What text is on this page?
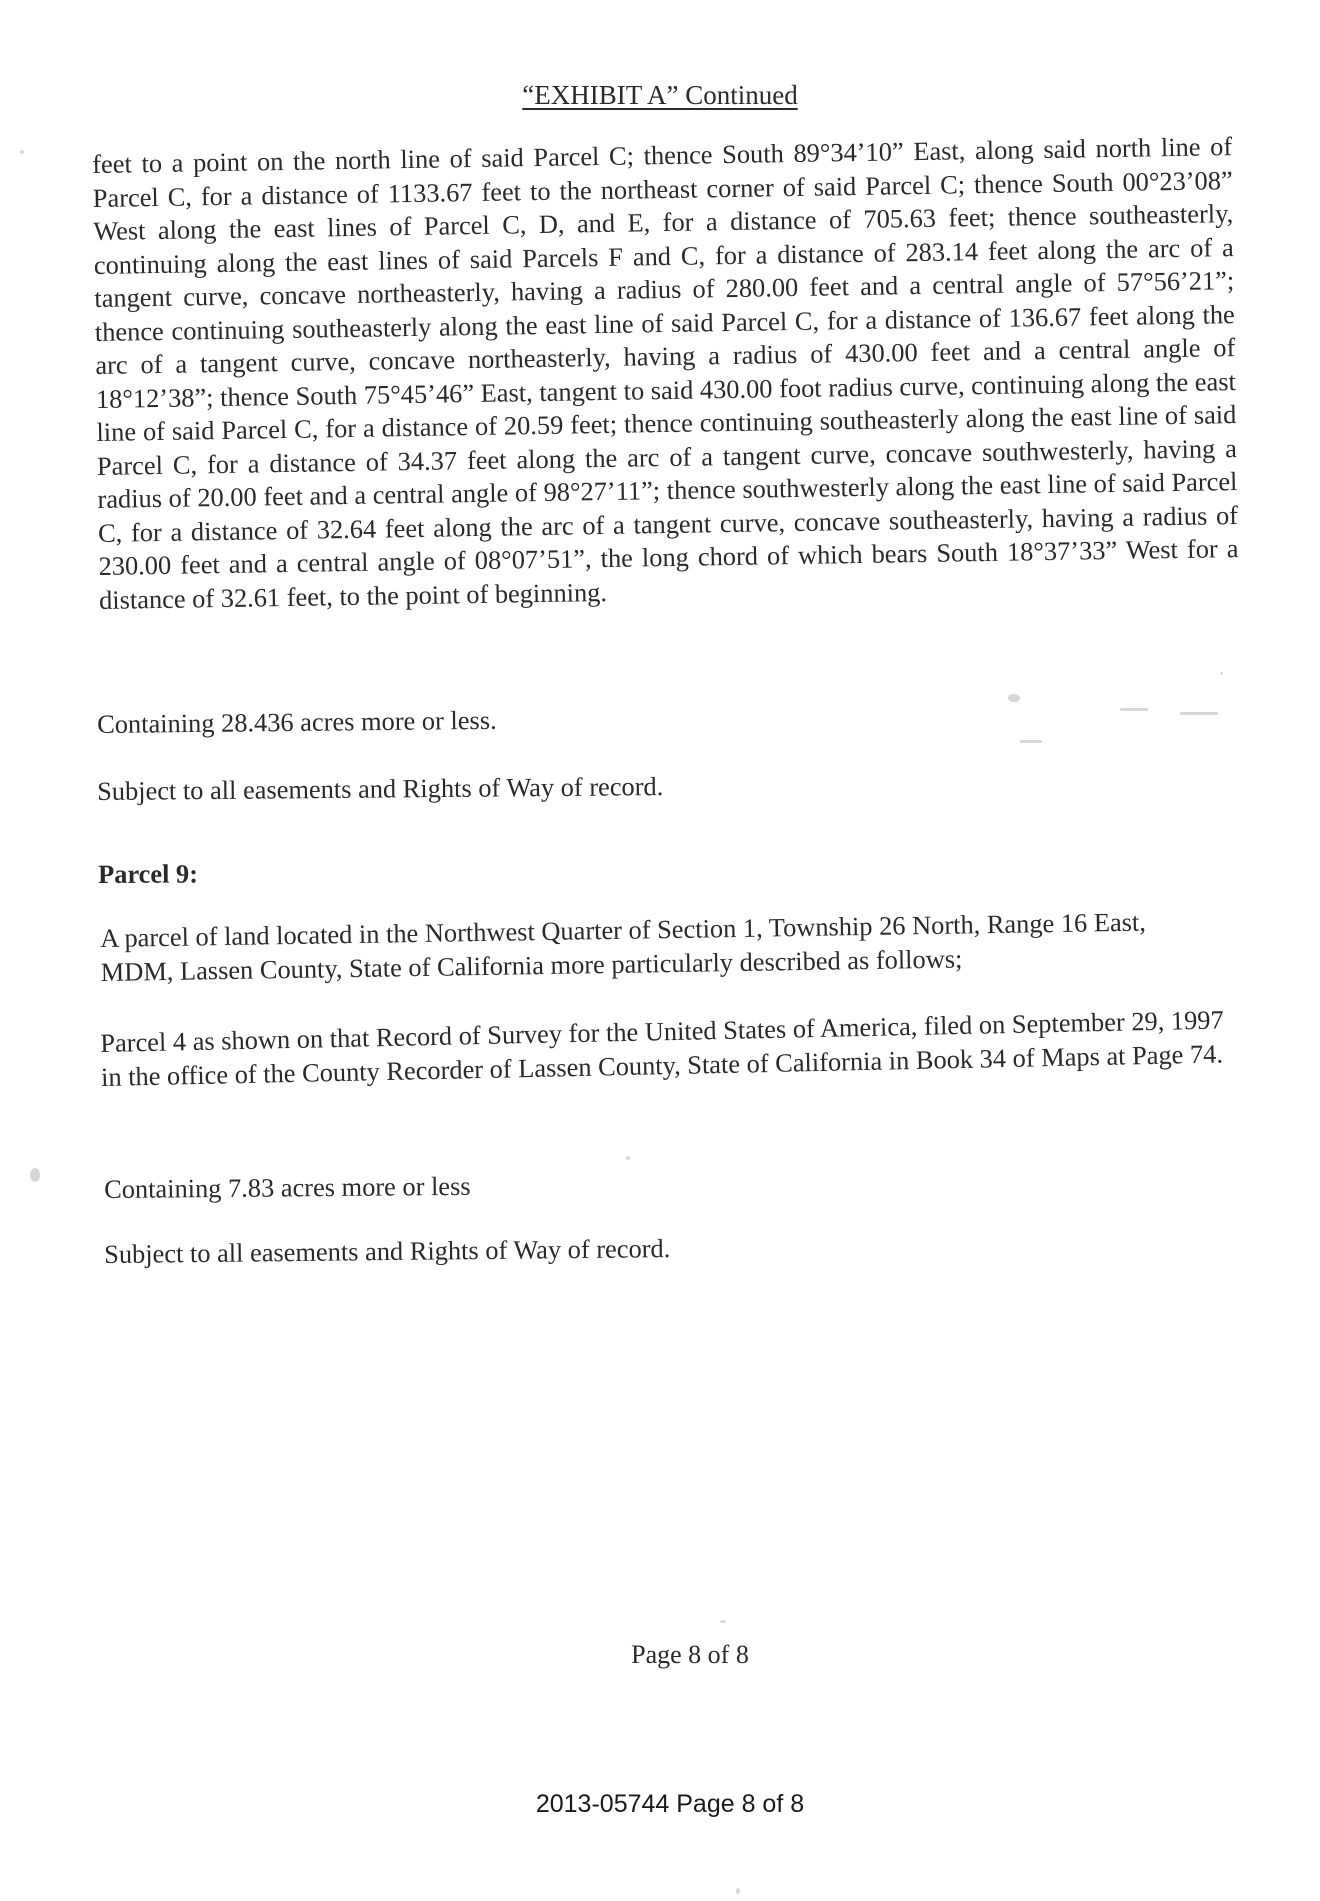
“EXHIBIT A” Continued
feet to a point on the north line of said Parcel C; thence South 89°34’10” East, along said north line of Parcel C, for a distance of 1133.67 feet to the northeast corner of said Parcel C; thence South 00°23’08” West along the east lines of Parcel C, D, and E, for a distance of 705.63 feet; thence southeasterly, continuing along the east lines of said Parcels F and C, for a distance of 283.14 feet along the arc of a tangent curve, concave northeasterly, having a radius of 280.00 feet and a central angle of 57°56’21”; thence continuing southeasterly along the east line of said Parcel C, for a distance of 136.67 feet along the arc of a tangent curve, concave northeasterly, having a radius of 430.00 feet and a central angle of 18°12’38”; thence South 75°45’46” East, tangent to said 430.00 foot radius curve, continuing along the east line of said Parcel C, for a distance of 20.59 feet; thence continuing southeasterly along the east line of said Parcel C, for a distance of 34.37 feet along the arc of a tangent curve, concave southwesterly, having a radius of 20.00 feet and a central angle of 98°27’11”; thence southwesterly along the east line of said Parcel C, for a distance of 32.64 feet along the arc of a tangent curve, concave southeasterly, having a radius of 230.00 feet and a central angle of 08°07’51”, the long chord of which bears South 18°37’33” West for a distance of 32.61 feet, to the point of beginning.
Containing 28.436 acres more or less.
Subject to all easements and Rights of Way of record.
Parcel 9:
A parcel of land located in the Northwest Quarter of Section 1, Township 26 North, Range 16 East, MDM, Lassen County, State of California more particularly described as follows;
Parcel 4 as shown on that Record of Survey for the United States of America, filed on September 29, 1997 in the office of the County Recorder of Lassen County, State of California in Book 34 of Maps at Page 74.
Containing 7.83 acres more or less
Subject to all easements and Rights of Way of record.
Page 8 of 8
2013-05744 Page 8 of 8
